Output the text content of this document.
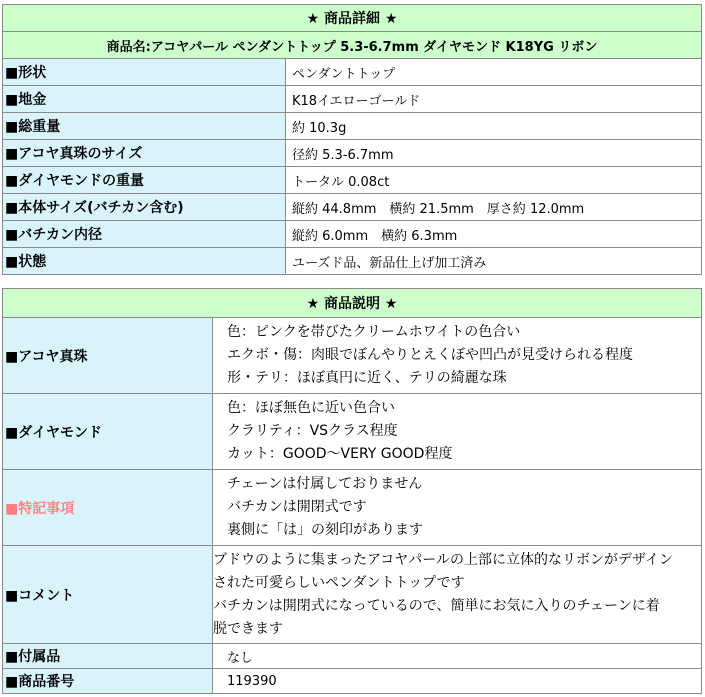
★ 商品詳細 ★	
商品名:アコヤパール ペンダントトップ 5.3-6.7mm ダイヤモンド K18YG リボン	
■形状	ペンダントトップ
■地金	K18イエローゴールド
■総重量	約 10.3g
■アコヤ真珠のサイズ	径約 5.3-6.7mm
■ダイヤモンドの重量	トータル 0.08ct
■本体サイズ(バチカン含む)	縦約 44.8mm　横約 21.5mm　厚さ約 12.0mm
■バチカン内径	縦約 6.0mm　横約 6.3mm
■状態	ユーズド品、新品仕上げ加工済み
★ 商品説明 ★	
■アコヤ真珠	色：ピンクを帯びたクリームホワイトの色合い
エクボ・傷：肉眼でぼんやりとえくぼや凹凸が見受けられる程度
形・テリ：ほぼ真円に近く、テリの綺麗な珠

■ダイヤモンド	色：ほぼ無色に近い色合い
クラリティ：VSクラス程度
カット：GOOD〜VERY GOOD程度

■特記事項	チェーンは付属しておりません
バチカンは開閉式です
裏側に「は」の刻印があります

■コメント	ブドウのように集まったアコヤパールの上部に立体的なリボンがデザイン
された可愛らしいペンダントトップです
バチカンは開閉式になっているので、簡単にお気に入りのチェーンに着
脱できます

■付属品	なし
■商品番号	119390
